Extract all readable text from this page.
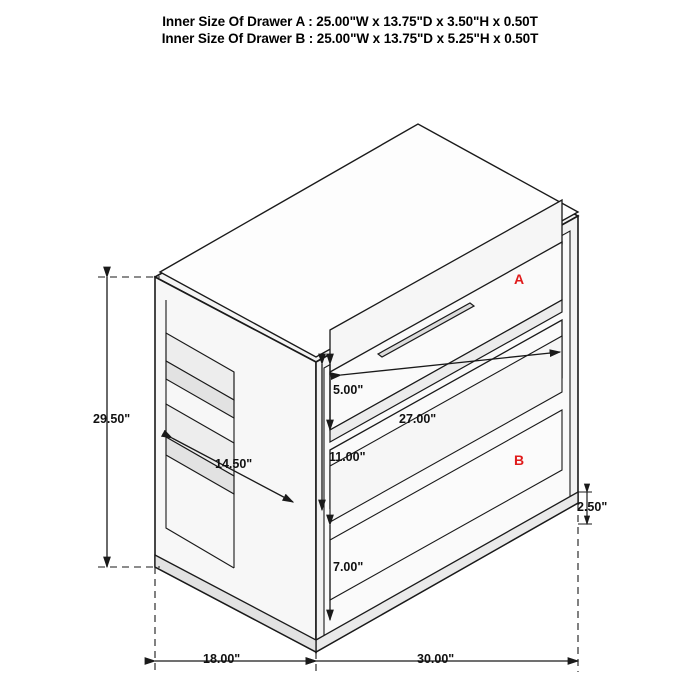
Inner Size Of Drawer A : 25.00"W x 13.75"D x 3.50"H x 0.50T
Inner Size Of Drawer B : 25.00"W x 13.75"D x 5.25"H x 0.50T
29.50"
18.00"	30.00"
27.00"
14.50"
5.00"
11.00"
7.00"
2.50"
A
B
